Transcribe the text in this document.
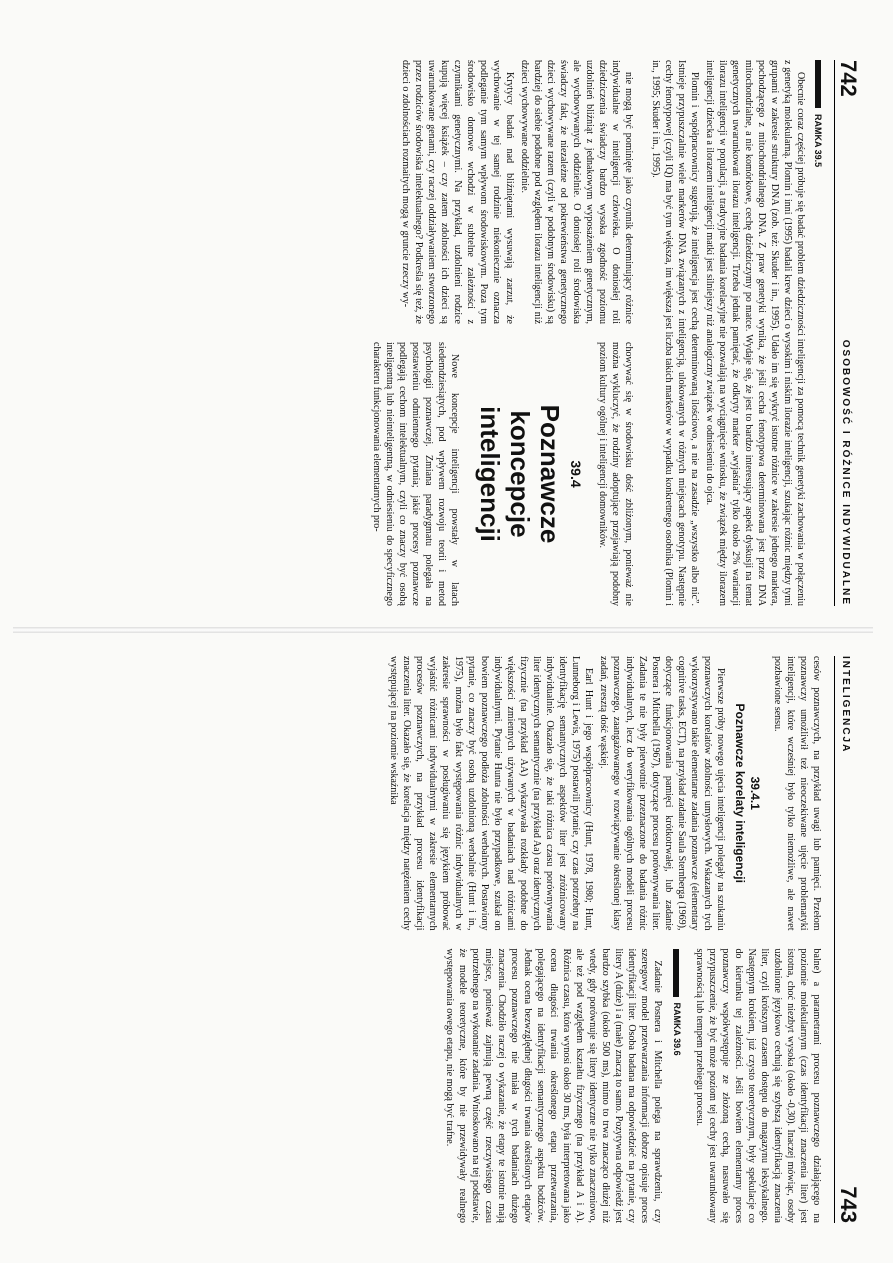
742
OSOBOWOŚĆ I RÓŻNICE INDYWIDUALNE
RAMKA 39.5

Obecnie coraz częściej próbuje się badać problem dziedziczności inteligencji za pomocą technik genetyki zachowania w połączeniu z genetyką molekularną. Plomin i inni (1995) badali krew dzieci o wysokim i niskim ilorazie inteligencji, szukając różnic między tymi grupami w zakresie struktury DNA (zob. też: Skuder i in., 1995). Udało im się wykryć istotne różnice w zakresie jednego markera, pochodzącego z mitochondrialnego DNA. Z praw genetyki wynika, że jeśli cecha fenotypowa determinowana jest przez DNA mitochondrialne, a nie komórkowe, cechę dziedziczymy po matce. Wydaje się, że jest to bardzo interesujący aspekt dyskusji na temat genetycznych uwarunkowań ilorazu inteligencji. Trzeba jednak pamiętać, że odkryty marker „wyjaśnia” tylko około 2% wariancji ilorazu inteligencji w populacji, a tradycyjne badania korelacyjne nie pozwalają na wyciągnięcie wniosku, że związek między ilorazem inteligencji dziecka a ilorazem inteligencji matki jest silniejszy niż analogiczny związek w odniesieniu do ojca.

Plomin i współpracownicy sugerują, że inteligencja jest cechą determinowaną ilościowo, a nie na zasadzie „wszystko albo nic”. Istnieje przypuszczalnie wiele markerów DNA związanych z inteligencją, ulokowanych w różnych miejscach genotypu. Następnie cechy fenotypowej (czyli IQ) ma być tym większa, im większa jest liczba takich markerów w wypadku konkretnego osobnika (Plomin i in., 1995; Skuder i in., 1995).

nie mogą być pominięte jako czynnik determinujący różnice indywidualne w inteligencji człowieka. O doniosłej roli dziedziczenia świadczy bardzo wysoka zgodność poziomu uzdolnień bliźniąt z jednakowym wyposażeniem genetycznym, ale wychowywanych oddzielnie. O doniosłej roli środowiska świadczy fakt, że niezależne od pokrewieństwa genetycznego dzieci wychowywane razem (czyli w podobnym środowisku) są bardziej do siebie podobne pod względem ilorazu inteligencji niż dzieci wychowywane oddzielnie.

Krytycy badań nad bliźniętami wysuwają zarzut, że wychowanie w tej samej rodzinie niekoniecznie oznacza podleganie tym samym wpływom środowiskowym. Poza tym środowisko domowe wchodzi w subtelne zależności z czynnikami genetycznymi. Na przykład, uzdolnieni rodzice kupują więcej książek – czy zatem zdolności ich dzieci są uwarunkowane genami, czy raczej oddziaływaniem stworzonego przez rodziców środowiska intelektualnego? Podkreśla się też, że dzieci o zdolnościach rozmaitych mogą w gruncie rzeczy wy-

chowywać się w środowisku dość zbliżonym, ponieważ nie można wykluczyć, że rodziny adoptujące przejawiają podobny poziom kultury ogólnej i inteligencji domowników.

39.4
Poznawcze koncepcje inteligencji

Nowe koncepcje inteligencji powstały w latach siedemdziesiątych, pod wpływem rozwoju teorii i metod psychologii poznawczej. Zmiana paradygmatu polegała na postawieniu odmiennego pytania; jakie procesy poznawcze podlegają cechom intelektualnym, czyli co znaczy być osobą inteligentną lub nieinteligentną, w odniesieniu do specyficznego charakteru funkcjonowania elementarnych pro-

INTELIGENCJA
743

cesów poznawczych, na przykład uwagi lub pamięci. Przełom poznawczy umożliwił też nieoczekiwane ujęcie problematyki inteligencji, które wcześniej było tylko niemożliwe, ale nawet pozbawione sensu.

39.4.1
Poznawcze korelaty inteligencji

Pierwsze próby nowego ujęcia inteligencji polegały na szukaniu poznawczych korelatów zdolności umysłowych. Wskazanych tych wykorzystywano takie elementarne zadania poznawcze (elementary cognitive tasks, ECT), na przykład zadanie Saula Sternberga (1969), dotyczące funkcjonowania pamięci krótkotrwałej, lub zadanie Posnera i Mitchella (1967), dotyczące procesu porównywania liter. Zadania te nie były pierwotnie przeznaczone do badania różnic indywidualnych, lecz do weryfikowania ogólnych modeli procesu poznawczego, zaangażowanego w rozwiązywanie określonej klasy zadań, zresztą dość wąskiej.

Earl Hunt i jego współpracownicy (Hunt, 1978, 1980; Hunt, Lunneborg i Lewis, 1975) postawili pytanie, czy czas potrzebny na identyfikację semantycznych aspektów liter jest zróżnicowany indywidualnie. Okazało się, że taki różnica czasu porównywania liter identycznych semantycznie (na przykład Aa) oraz identycznych fizycznie (na przykład AA) wykazywała rozkłady podobne do większości zmiennych używanych w badaniach nad różnicami indywidualnymi. Pytanie Hunta nie było przypadkowe, szukał on bowiem poznawczego podłoża zdolności werbalnych. Postawiony pytanie, co znaczy być osobą uzdolnioną werbalnie (Hunt i in., 1975), można było fakt występowania różnic indywidualnych w zakresie sprawności w posługiwaniu się językiem próbować wyjaśnić różnicami indywidualnymi w zakresie elementarnych procesów poznawczych, na przykład procesu identyfikacji znaczenia liter. Okazało się, że korelacja między natężeniem cechy występującej na poziomie wskaźnika

balne) a parametrami procesu poznawczego działającego na poziomie molekularnym (czas identyfikacji znaczenia liter) jest istotna, choć niezbyt wysoka (około -0,30). Inaczej mówiąc, osoby uzdolnione językowo cechują się szybszą identyfikacją znaczenia liter, czyli krótszym czasem dostępu do magazynu leksykalnego. Następnym krokiem, już czysto teoretycznym, były spekulacje co do kierunku tej zależności. Jeśli bowiem elementarny proces poznawczy współwystępuje ze złożoną cechą, nasuwało się przypuszczenie, że być może poziom tej cechy jest uwarunkowany sprawnością lub tempem przebiegu procesu.

RAMKA 39.6

Zadanie Posnera i Mitchella polega na sprawdzeniu, czy szeregowy model przetwarzania informacji dobrze opisuje proces identyfikacji liter. Osoba badana ma odpowiedzieć na pytanie, czy litery A (duże) i a (małe) znaczą to samo. Pozytywna odpowiedź jest bardzo szybka (około 500 ms), mimo to trwa znacząco dłużej niż wtedy, gdy porównuje się litery identyczne nie tylko znaczeniowo, ale też pod względem kształtu fizycznego (na przykład A i A). Różnica czasu, która wynosi około 30 ms, była interpretowana jako ocena długości trwania określonego etapu przetwarzania, polegającego na identyfikacji semantycznego aspektu bodźców. Jednak ocena bezwzględnej długości trwania określonych etapów procesu poznawczego nie miała w tych badaniach dużego znaczenia. Chodziło raczej o wykazanie, że etapy te istotnie mają miejsce, ponieważ zajmują pewną część rzeczywistego czasu potrzebnego na wykonanie zadania. Wnioskowano na tej podstawie, że modele teoretyczne, które by nie przewidywały realnego występowania owego etapu, nie mogą być trafne.
